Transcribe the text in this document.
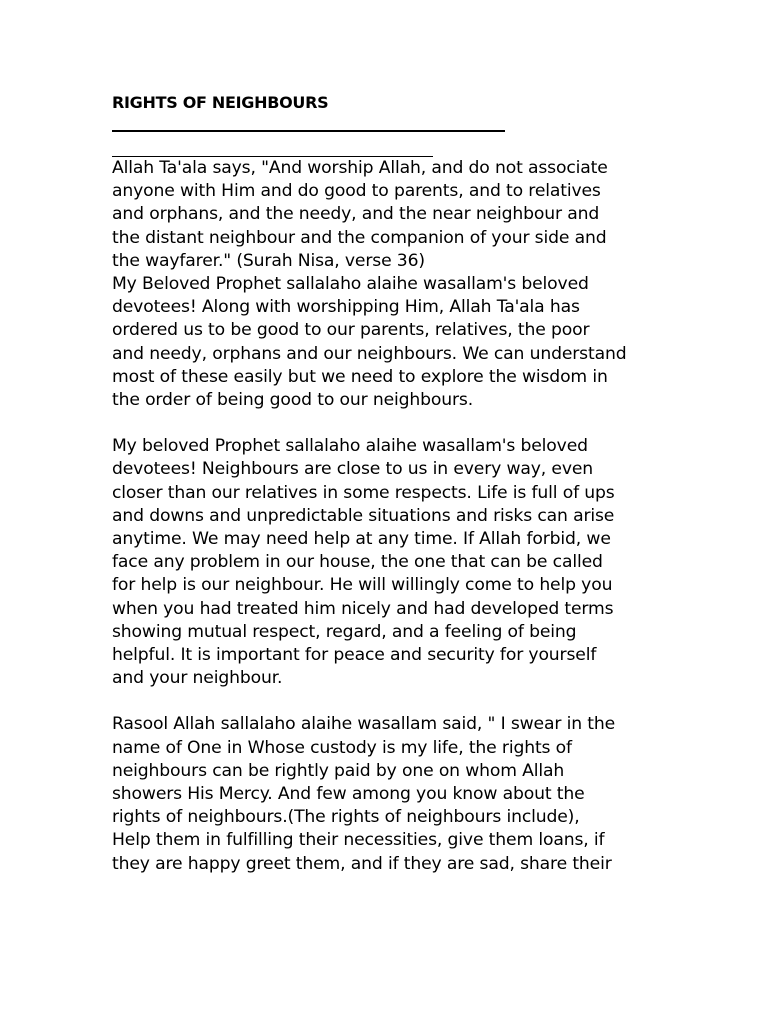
RIGHTS OF NEIGHBOURS

Allah Ta'ala says, "And worship Allah, and do not associate
anyone with Him and do good to parents, and to relatives
and orphans, and the needy, and the near neighbour and
the distant neighbour and the companion of your side and
the wayfarer." (Surah Nisa, verse 36)
My Beloved Prophet sallalaho alaihe wasallam's beloved
devotees! Along with worshipping Him, Allah Ta'ala has
ordered us to be good to our parents, relatives, the poor
and needy, orphans and our neighbours. We can understand
most of these easily but we need to explore the wisdom in
the order of being good to our neighbours.

My beloved Prophet sallalaho alaihe wasallam's beloved
devotees! Neighbours are close to us in every way, even
closer than our relatives in some respects. Life is full of ups
and downs and unpredictable situations and risks can arise
anytime. We may need help at any time. If Allah forbid, we
face any problem in our house, the one that can be called
for help is our neighbour. He will willingly come to help you
when you had treated him nicely and had developed terms
showing mutual respect, regard, and a feeling of being
helpful. It is important for peace and security for yourself
and your neighbour.

Rasool Allah sallalaho alaihe wasallam said, " I swear in the
name of One in Whose custody is my life, the rights of
neighbours can be rightly paid by one on whom Allah
showers His Mercy. And few among you know about the
rights of neighbours.(The rights of neighbours include),
Help them in fulfilling their necessities, give them loans, if
they are happy greet them, and if they are sad, share their
